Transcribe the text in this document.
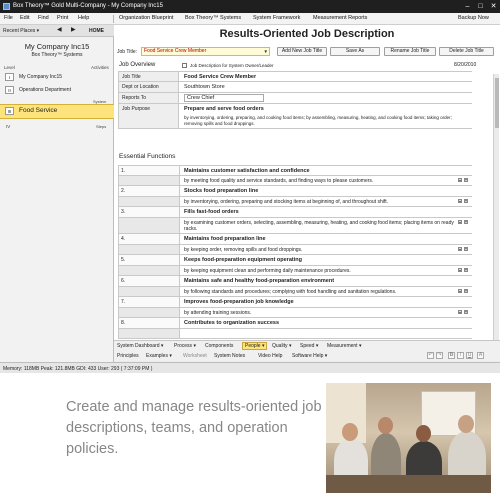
Box Theory™ Gold Multi-Company - My Company Inc15	–	□	✕
File Edit Find Print Help	Organization Blueprint Box Theory™ Systems System Framework Measurement Reports	Backup Now
Recent Places ▾	◀ ▶	HOME
My Company Inc15
Box Theory™ Systems
Level	Activities
I	My Company Inc15
II	Operations Department
System
III	Food Service
IV	Steps
Results-Oriented Job Description
Job Title:	Food Service Crew Member	▼	Add New Job Title	Save As	Rename Job Title	Delete Job Title
Job Overview	Job Description for System Owner/Leader	8/20/2010
Job Title	Food Service Crew Member
Dept or Location	Southtown Store
Reports To	Crew Chief
Job Purpose	Prepare and serve food orders
by inventorying, ordering, preparing, and cooking food items; by assembling, measuring, heating, and cooking food items; taking order; removing spills and food droppings.
Essential Functions
1.	Maintains customer satisfaction and confidence
by meeting food quality and service standards, and finding ways to please customers.	▴	▾
2.	Stocks food preparation line
by inventorying, ordering, preparing and stocking items at beginning of, and throughout shift.	▴	▾
3.	Fills fast-food orders
by examining customer orders, selecting, assembling, measuring, heating, and cooking food items; placing items on ready racks.
▴	▾
4.	Maintains food preparation line
by keeping order, removing spills and food droppings.	▴	▾
5.	Keeps food-preparation equipment operating
by keeping equipment clean and performing daily maintenance procedures.	▴	▾
6.	Maintains safe and healthy food-preparation environment
by following standards and procedures; complying with food handling and sanitation regulations.	▴	▾
7.	Improves food-preparation job knowledge
by attending training sessions.	▴	▾
8.	Contributes to organization success
System Dashboard ▾ Process ▾ Components	People ▾	Quality ▾ Speed ▾ Measurement ▾
Principles Examples ▾ Worksheet System Notes	Video Help Software Help ▾	↶ ↷	B	I	U	A
Memory: 118MB Peak: 121.8MB GDI: 433 User: 293 ( 7:37:09 PM )
Create and manage results-oriented job descriptions, teams, and operation policies.
